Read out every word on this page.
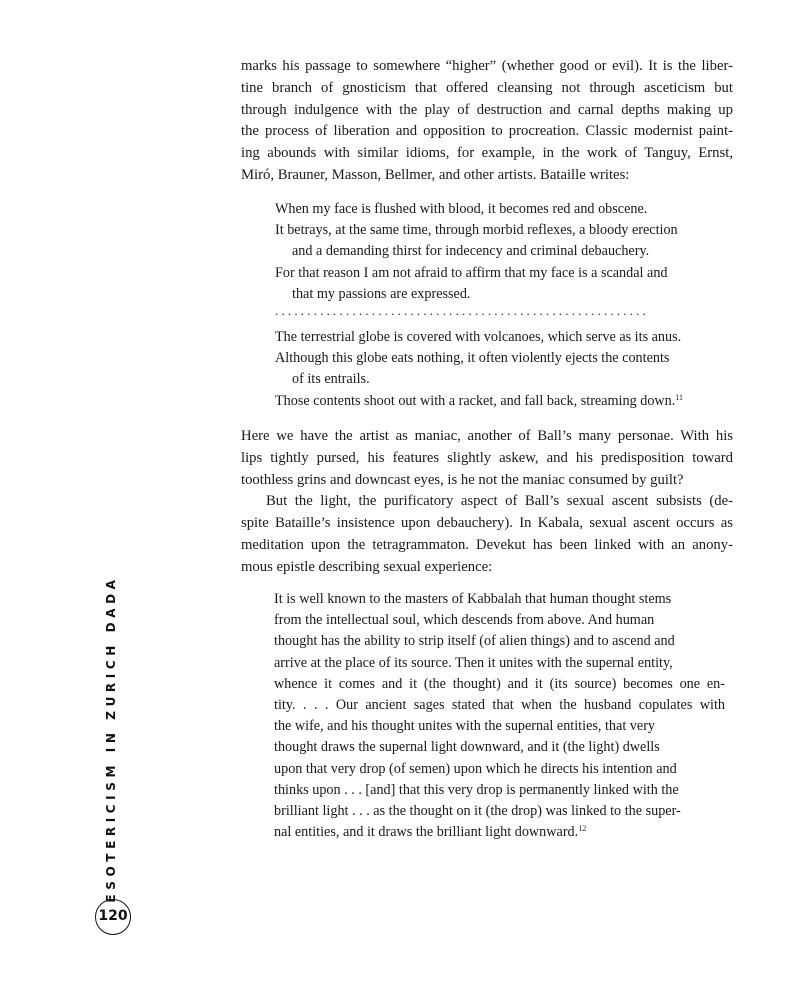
marks his passage to somewhere “higher” (whether good or evil). It is the liber-
tine branch of gnosticism that offered cleansing not through asceticism but
through indulgence with the play of destruction and carnal depths making up
the process of liberation and opposition to procreation. Classic modernist paint-
ing abounds with similar idioms, for example, in the work of Tanguy, Ernst,
Miró, Brauner, Masson, Bellmer, and other artists. Bataille writes:
When my face is flushed with blood, it becomes red and obscene.
It betrays, at the same time, through morbid reflexes, a bloody erection
and a demanding thirst for indecency and criminal debauchery.
For that reason I am not afraid to affirm that my face is a scandal and
that my passions are expressed.
..........................................................
The terrestrial globe is covered with volcanoes, which serve as its anus.
Although this globe eats nothing, it often violently ejects the contents
of its entrails.
Those contents shoot out with a racket, and fall back, streaming down.$^{11}$
Here we have the artist as maniac, another of Ball’s many personae. With his
lips tightly pursed, his features slightly askew, and his predisposition toward
toothless grins and downcast eyes, is he not the maniac consumed by guilt?
But the light, the purificatory aspect of Ball’s sexual ascent subsists (de-
spite Bataille’s insistence upon debauchery). In Kabala, sexual ascent occurs as
meditation upon the tetragrammaton. Devekut has been linked with an anony-
mous epistle describing sexual experience:
It is well known to the masters of Kabbalah that human thought stems
from the intellectual soul, which descends from above. And human
thought has the ability to strip itself (of alien things) and to ascend and
arrive at the place of its source. Then it unites with the supernal entity,
whence it comes and it (the thought) and it (its source) becomes one en-
tity. . . . Our ancient sages stated that when the husband copulates with
the wife, and his thought unites with the supernal entities, that very
thought draws the supernal light downward, and it (the light) dwells
upon that very drop (of semen) upon which he directs his intention and
thinks upon . . . [and] that this very drop is permanently linked with the
brilliant light . . . as the thought on it (the drop) was linked to the super-
nal entities, and it draws the brilliant light downward.$^{12}$
ESOTERICISM IN ZURICH DADA
120
